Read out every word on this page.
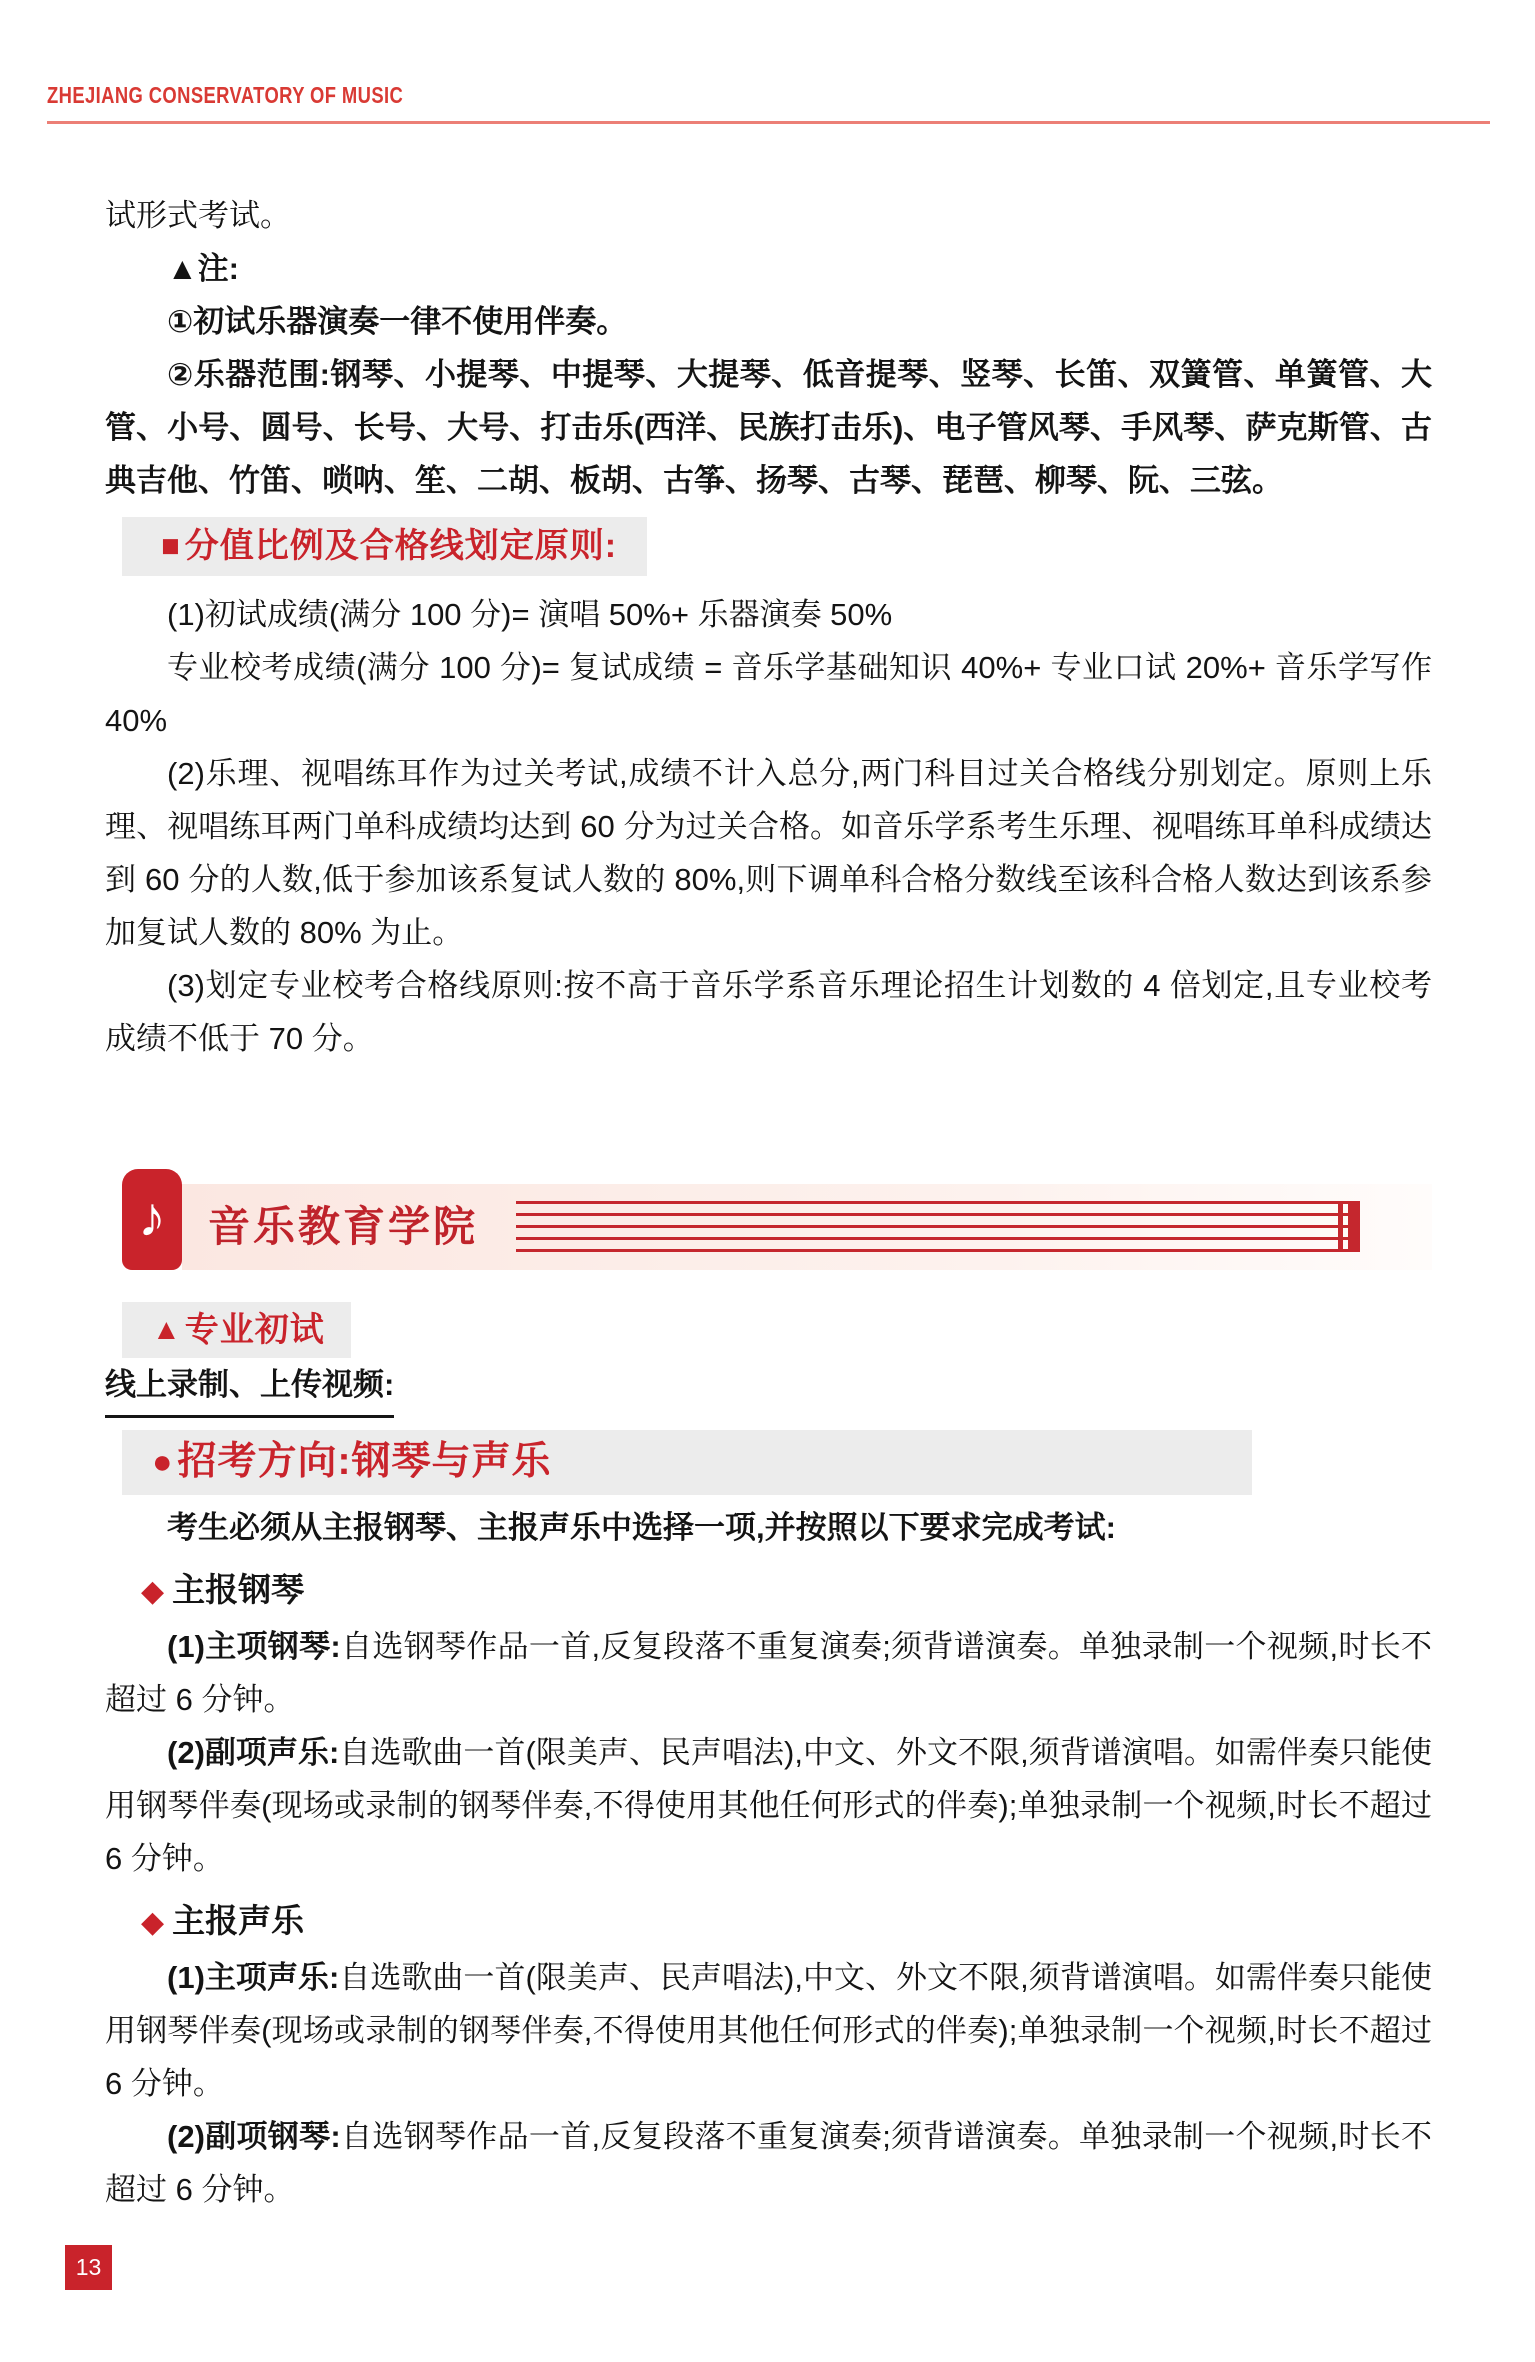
ZHEJIANG CONSERVATORY OF MUSIC

试形式考试。

▲注:

①初试乐器演奏一律不使用伴奏。

②乐器范围:钢琴、小提琴、中提琴、大提琴、低音提琴、竖琴、长笛、双簧管、单簧管、大管、小号、圆号、长号、大号、打击乐(西洋、民族打击乐)、电子管风琴、手风琴、萨克斯管、古典吉他、竹笛、唢呐、笙、二胡、板胡、古筝、扬琴、古琴、琵琶、柳琴、阮、三弦。

■ 分值比例及合格线划定原则:

(1)初试成绩(满分 100 分)= 演唱 50%+ 乐器演奏 50%

专业校考成绩(满分 100 分)= 复试成绩 = 音乐学基础知识 40%+ 专业口试 20%+ 音乐学写作 40%

(2)乐理、视唱练耳作为过关考试,成绩不计入总分,两门科目过关合格线分别划定。原则上乐理、视唱练耳两门单科成绩均达到 60 分为过关合格。如音乐学系考生乐理、视唱练耳单科成绩达到 60 分的人数,低于参加该系复试人数的 80%,则下调单科合格分数线至该科合格人数达到该系参加复试人数的 80% 为止。

(3)划定专业校考合格线原则:按不高于音乐学系音乐理论招生计划数的 4 倍划定,且专业校考成绩不低于 70 分。

♪ 音乐教育学院
▲ 专业初试

线上录制、上传视频:

● 招考方向:钢琴与声乐

考生必须从主报钢琴、主报声乐中选择一项,并按照以下要求完成考试:

◆ 主报钢琴

(1)主项钢琴:自选钢琴作品一首,反复段落不重复演奏;须背谱演奏。单独录制一个视频,时长不超过 6 分钟。

(2)副项声乐:自选歌曲一首(限美声、民声唱法),中文、外文不限,须背谱演唱。如需伴奏只能使用钢琴伴奏(现场或录制的钢琴伴奏,不得使用其他任何形式的伴奏);单独录制一个视频,时长不超过 6 分钟。

◆ 主报声乐

(1)主项声乐:自选歌曲一首(限美声、民声唱法),中文、外文不限,须背谱演唱。如需伴奏只能使用钢琴伴奏(现场或录制的钢琴伴奏,不得使用其他任何形式的伴奏);单独录制一个视频,时长不超过 6 分钟。

(2)副项钢琴:自选钢琴作品一首,反复段落不重复演奏;须背谱演奏。单独录制一个视频,时长不超过 6 分钟。

13
